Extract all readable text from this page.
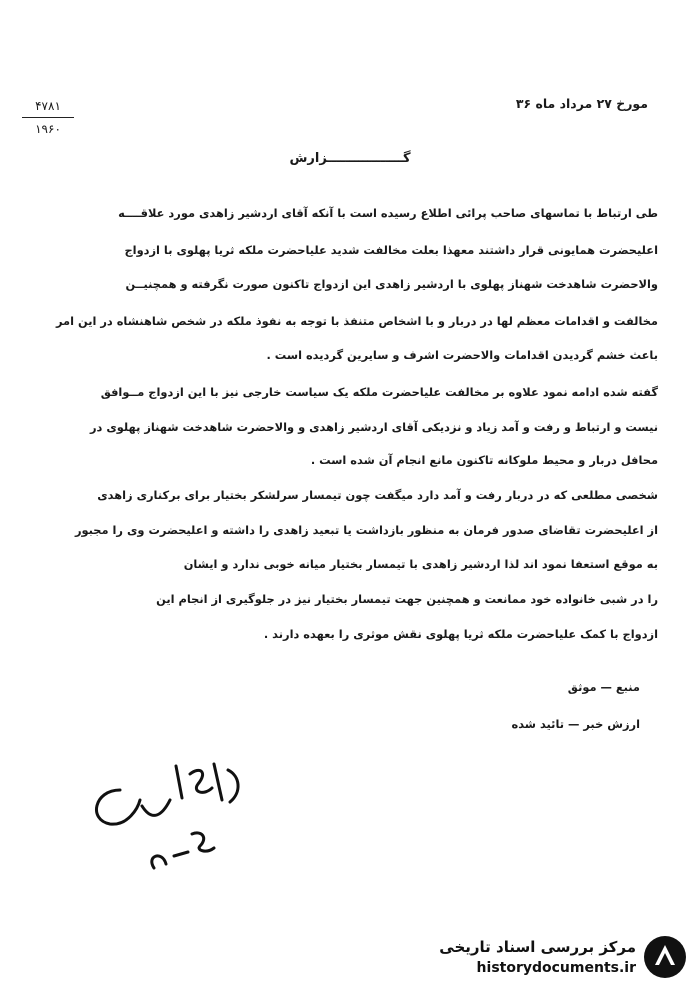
۴۷۸۱
۱۹۶۰
مورخ ۲۷ مرداد ماه ۳۶
گـــــــــــــــــزارش
طی ارتباط با تماسهای صاحب پرائی اطلاع رسیده است با آنکه آقای اردشیر زاهدی مورد علاقــــه
اعلیحضرت همایونی قرار داشتند معهذا بعلت مخالفت شدید علیاحضرت ملکه ثریا پهلوی با ازدواج
والاحضرت شاهدخت شهناز پهلوی با اردشیر زاهدی این ازدواج تاکنون صورت نگرفته و همچنیــن
مخالفت و اقدامات معظم لها در دربار و با اشخاص متنفذ با توجه به نفوذ ملکه در شخص شاهنشاه در این امر
باعث خشم گردیدن اقدامات والاحضرت اشرف و سایرین گردیده است .
گفته شده ادامه نمود علاوه بر مخالفت علیاحضرت ملکه یک سیاست خارجی نیز با این ازدواج مــوافق
نیست و ارتباط و رفت و آمد زیاد و نزدیکی آقای اردشیر زاهدی و والاحضرت شاهدخت شهناز پهلوی در
محافل دربار و محیط ملوکانه تاکنون مانع انجام آن شده است .
شخصی مطلعی که در دربار رفت و آمد دارد میگفت چون تیمسار سرلشکر بختیار برای برکناری زاهدی
از اعلیحضرت تقاضای صدور فرمان به منظور بازداشت یا تبعید زاهدی را داشته و اعلیحضرت وی را مجبور
به موقع استعفا نمود اند لذا اردشیر زاهدی با تیمسار بختیار میانه خوبی ندارد و ایشان
را در شبی خانواده خود ممانعت و همچنین جهت تیمسار بختیار نیز در جلوگیری از انجام این
ازدواج با کمک علیاحضرت ملکه ثریا پهلوی نقش موثری را بعهده دارند .
منبع — موثق
ارزش خبر — تائید شده
مرکز بررسی اسناد تاریخی
historydocuments.ir
